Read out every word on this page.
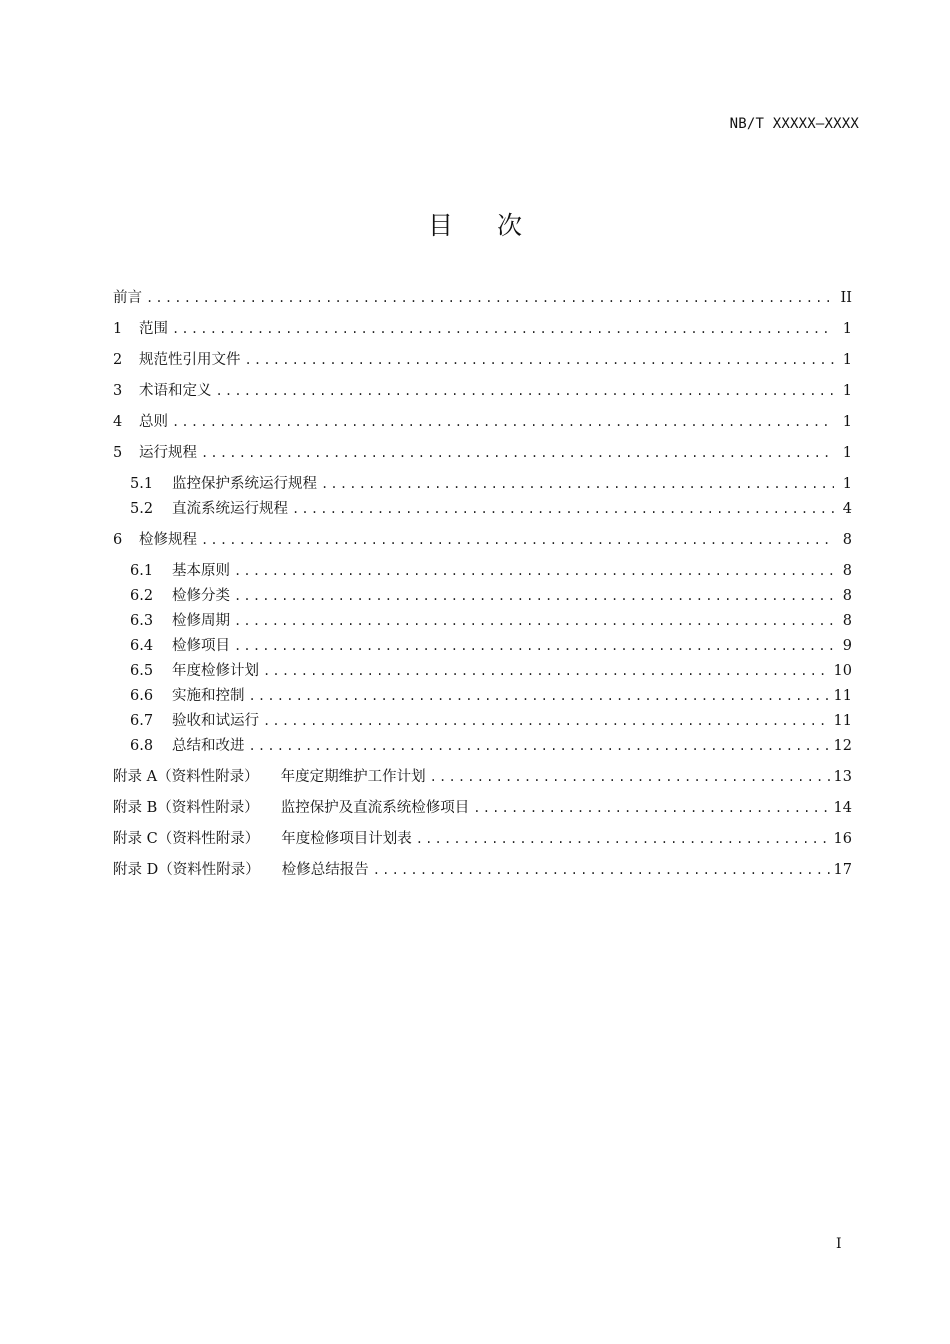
NB/T XXXXX—XXXX
目 次
前言 .....	II
1	范围 .....	1
2	规范性引用文件 .....	1
3	术语和定义 .....	1
4	总则 .....	1
5	运行规程 .....	1
5.1	监控保护系统运行规程 .....	1
5.2	直流系统运行规程 .....	4
6	检修规程 .....	8
6.1	基本原则 .....	8
6.2	检修分类 .....	8
6.3	检修周期 .....	8
6.4	检修项目 .....	9
6.5	年度检修计划 .....	10
6.6	实施和控制 .....	11
6.7	验收和试运行 .....	11
6.8	总结和改进 .....	12
附录 A（资料性附录） 年度定期维护工作计划 .....	13
附录 B（资料性附录） 监控保护及直流系统检修项目 .....	14
附录 C（资料性附录） 年度检修项目计划表 .....	16
附录 D（资料性附录） 检修总结报告 .....	17
I
